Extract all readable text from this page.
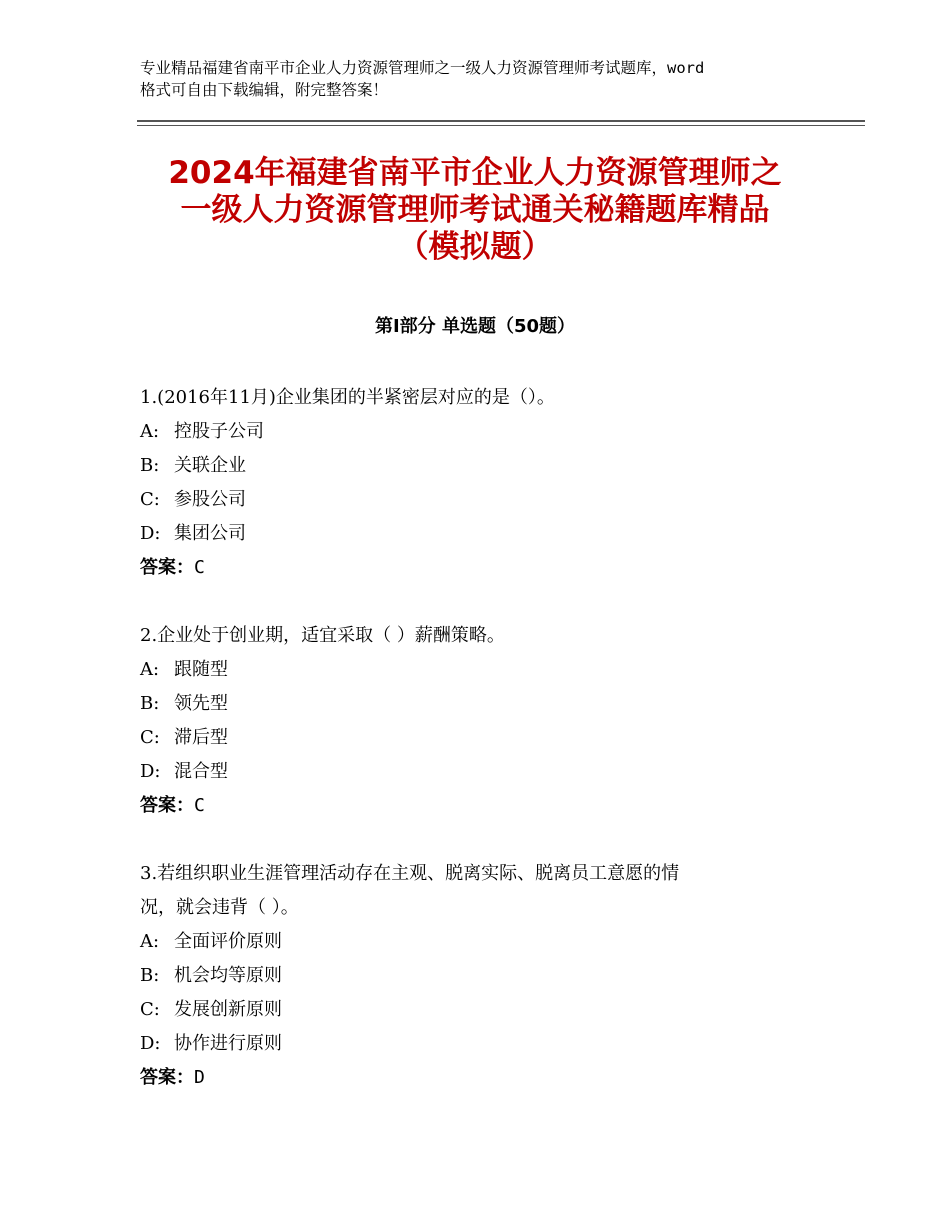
专业精品福建省南平市企业人力资源管理师之一级人力资源管理师考试题库，word
格式可自由下载编辑，附完整答案！
2024年福建省南平市企业人力资源管理师之
一级人力资源管理师考试通关秘籍题库精品
（模拟题）
第Ⅰ部分 单选题（50题）
1.(2016年11月)企业集团的半紧密层对应的是（）。
A: 控股子公司
B: 关联企业
C: 参股公司
D: 集团公司
答案：C
2.企业处于创业期，适宜采取（ ）薪酬策略。
A: 跟随型
B: 领先型
C: 滞后型
D: 混合型
答案：C
3.若组织职业生涯管理活动存在主观、脱离实际、脱离员工意愿的情
况，就会违背（ ）。
A: 全面评价原则
B: 机会均等原则
C: 发展创新原则
D: 协作进行原则
答案：D
